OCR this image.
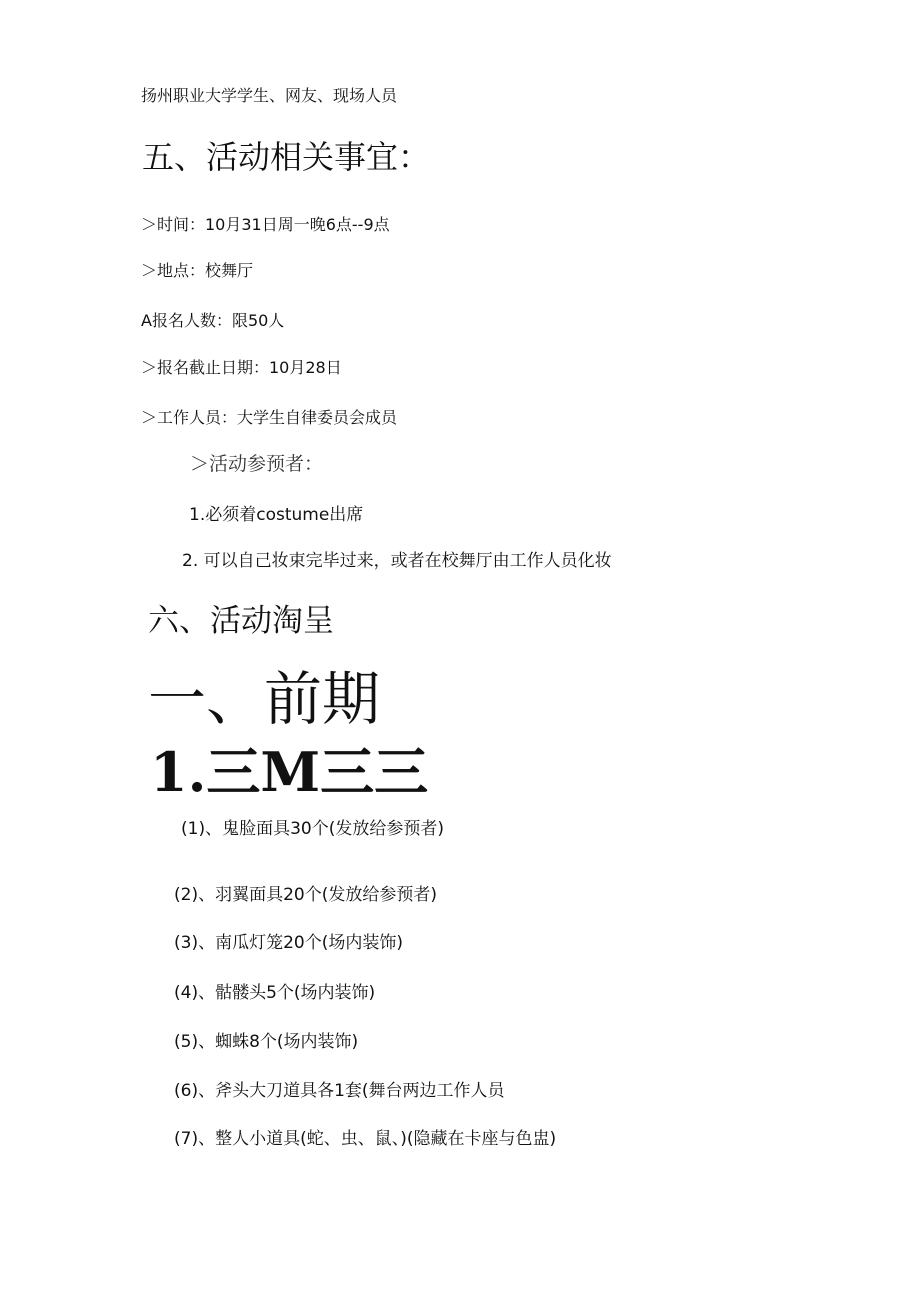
扬州职业大学学生、网友、现场人员
五、活动相关事宜：
＞时间：10月31日周一晚6点--9点
＞地点：校舞厅
A报名人数：限50人
＞报名截止日期：10月28日
＞工作人员：大学生自律委员会成员
＞活动参预者：
1.必须着costume出席
2. 可以自己妆束完毕过来，或者在校舞厅由工作人员化妆
六、活动淘呈
一、前期
1.三M三三
(1)、鬼脸面具30个(发放给参预者)
(2)、羽翼面具20个(发放给参预者)
(3)、南瓜灯笼20个(场内装饰)
(4)、骷髅头5个(场内装饰)
(5)、蜘蛛8个(场内装饰)
(6)、斧头大刀道具各1套(舞台两边工作人员
(7)、整人小道具(蛇、虫、鼠、)(隐藏在卡座与色盅)
